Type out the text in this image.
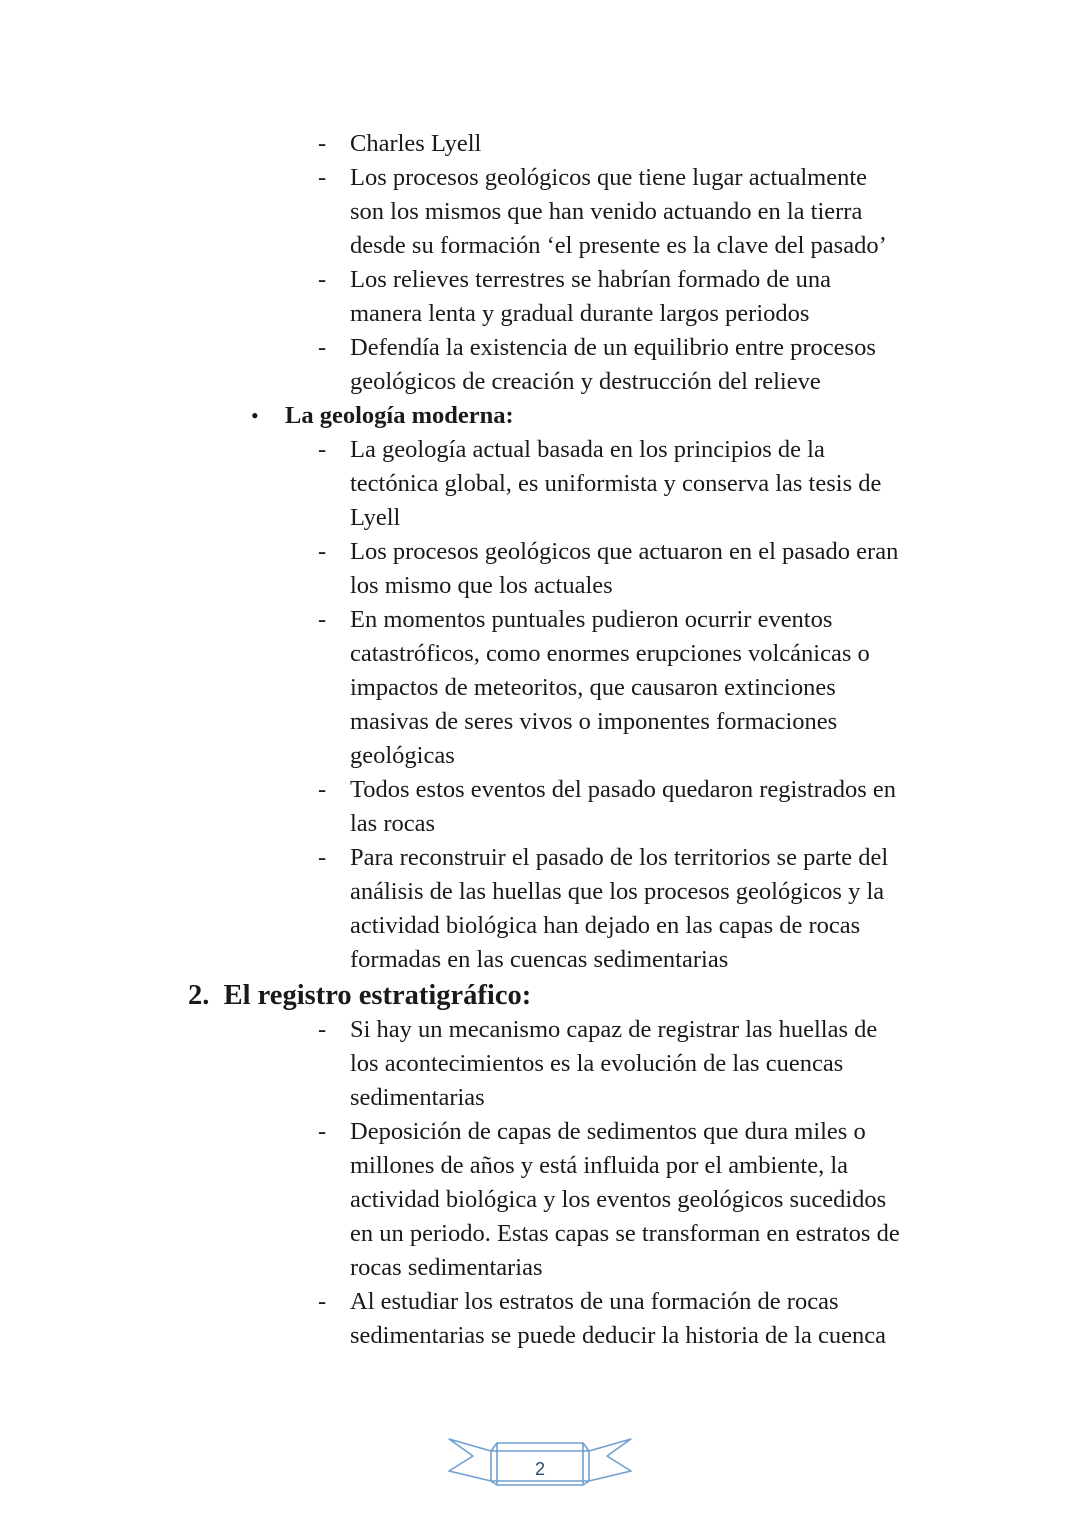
- Charles Lyell
- Los procesos geológicos que tiene lugar actualmente
son los mismos que han venido actuando en la tierra
desde su formación ‘el presente es la clave del pasado’
- Los relieves terrestres se habrían formado de una
manera lenta y gradual durante largos periodos
- Defendía la existencia de un equilibrio entre procesos
geológicos de creación y destrucción del relieve
• La geología moderna:
- La geología actual basada en los principios de la
tectónica global, es uniformista y conserva las tesis de
Lyell
- Los procesos geológicos que actuaron en el pasado eran
los mismo que los actuales
- En momentos puntuales pudieron ocurrir eventos
catastróficos, como enormes erupciones volcánicas o
impactos de meteoritos, que causaron extinciones
masivas de seres vivos o imponentes formaciones
geológicas
- Todos estos eventos del pasado quedaron registrados en
las rocas
- Para reconstruir el pasado de los territorios se parte del
análisis de las huellas que los procesos geológicos y la
actividad biológica han dejado en las capas de rocas
formadas en las cuencas sedimentarias
2.  El registro estratigráfico:
- Si hay un mecanismo capaz de registrar las huellas de
los acontecimientos es la evolución de las cuencas
sedimentarias
- Deposición de capas de sedimentos que dura miles o
millones de años y está influida por el ambiente, la
actividad biológica y los eventos geológicos sucedidos
en un periodo. Estas capas se transforman en estratos de
rocas sedimentarias
- Al estudiar los estratos de una formación de rocas
sedimentarias se puede deducir la historia de la cuenca
2
